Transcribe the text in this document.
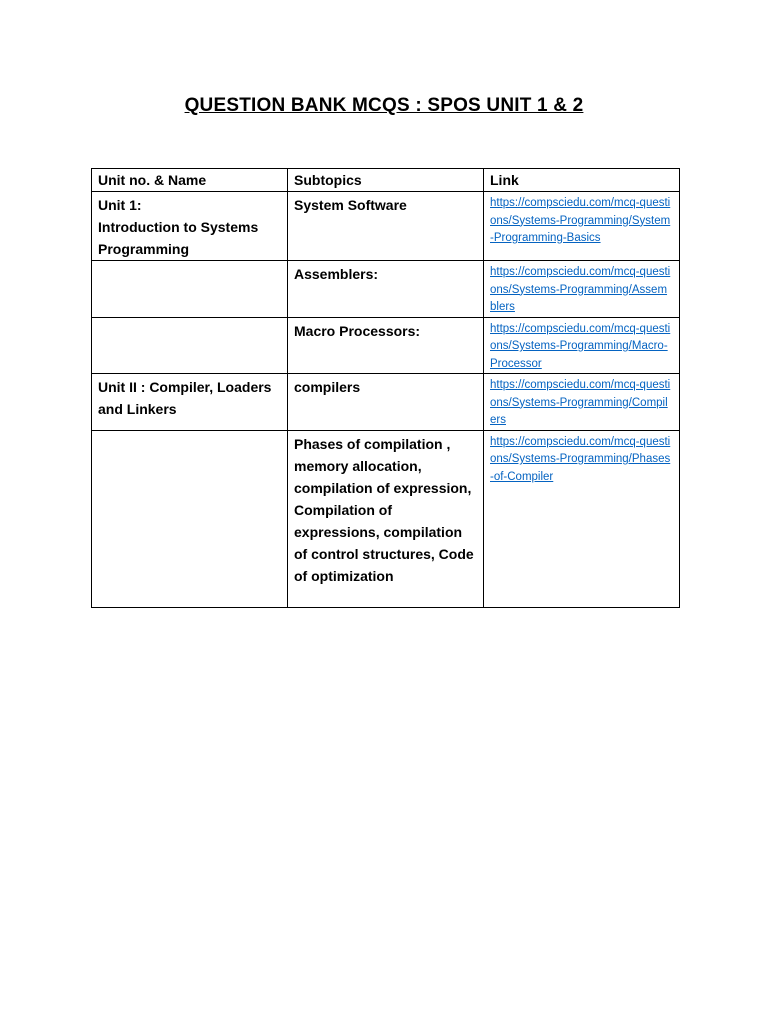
QUESTION BANK MCQS : SPOS UNIT 1 & 2
Unit no. & Name	Subtopics	Link
Unit 1:
Introduction to Systems Programming	System Software	https://compsciedu.com/mcq-questions/Systems-Programming/System-Programming-Basics

	Assemblers:	https://compsciedu.com/mcq-questions/Systems-Programming/Assemblers

	Macro Processors:	https://compsciedu.com/mcq-questions/Systems-Programming/Macro-Processor

Unit II : Compiler, Loaders and Linkers	compilers	https://compsciedu.com/mcq-questions/Systems-Programming/Compilers

	Phases of compilation , memory allocation, compilation of expression, Compilation of expressions, compilation of control structures, Code of optimization	https://compsciedu.com/mcq-questions/Systems-Programming/Phases-of-Compiler
